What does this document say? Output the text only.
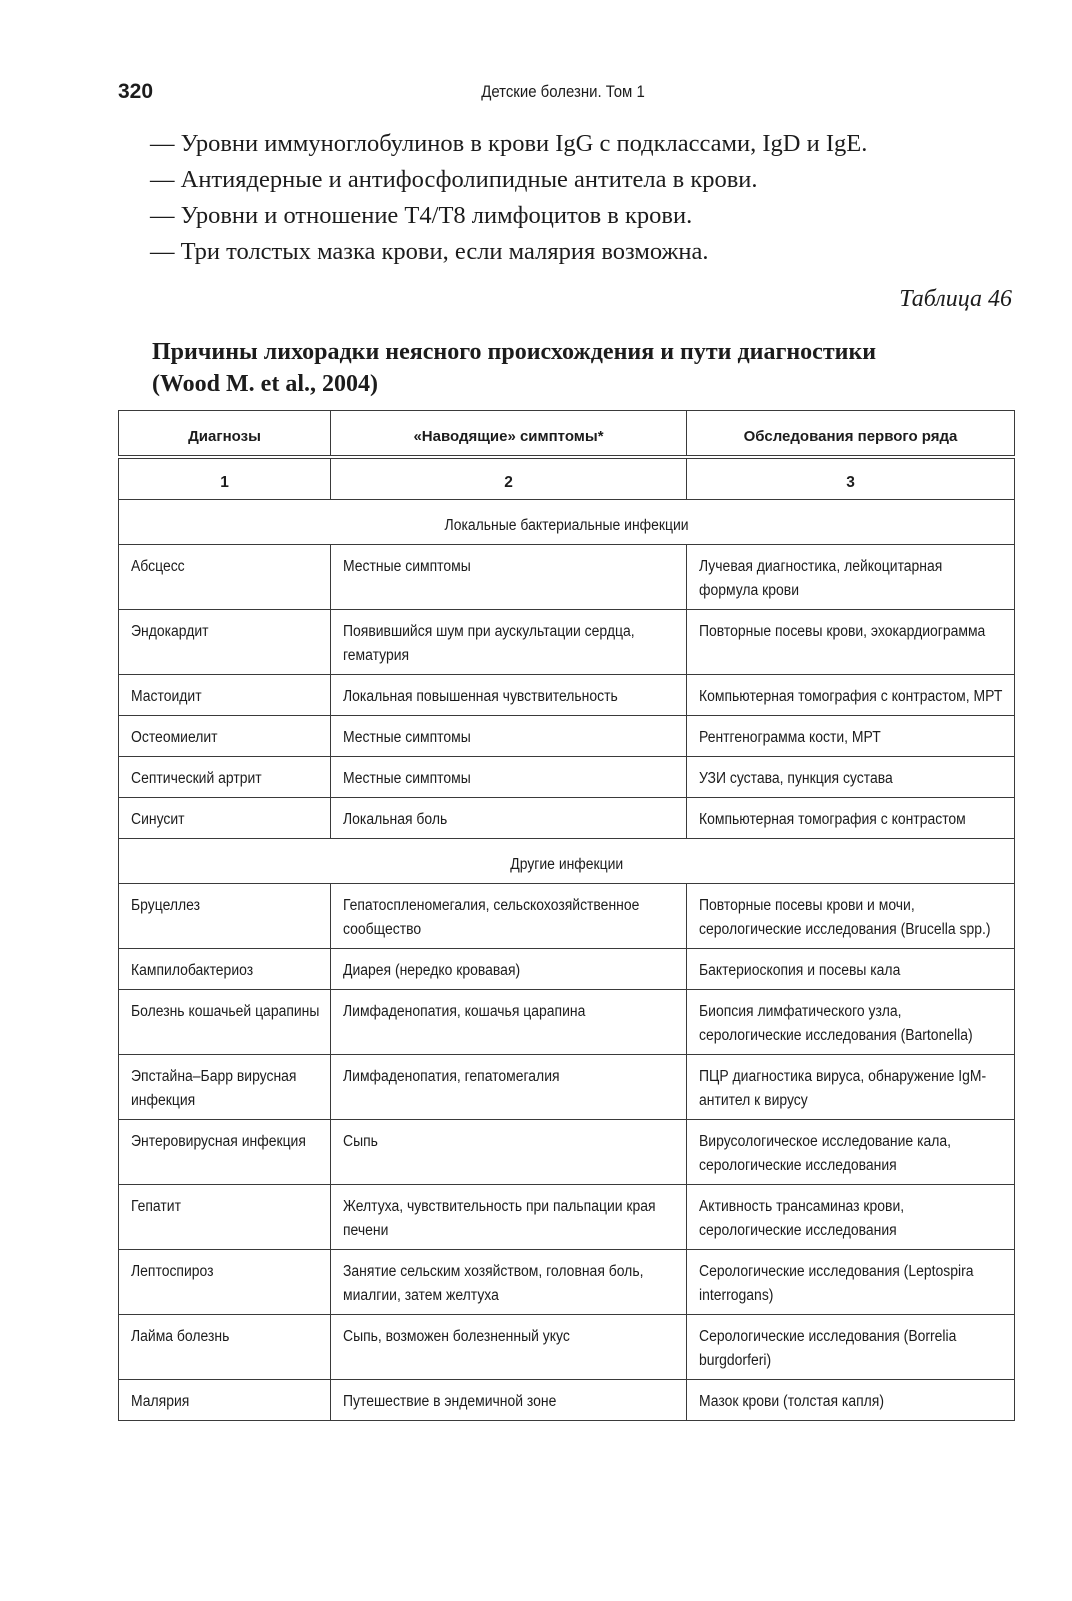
320	Детские болезни. Том 1
— Уровни иммуноглобулинов в крови IgG с подклассами, IgD и IgE.
— Антиядерные и антифосфолипидные антитела в крови.
— Уровни и отношение Т4/Т8 лимфоцитов в крови.
— Три толстых мазка крови, если малярия возможна.
Таблица 46
Причины лихорадки неясного происхождения и пути диагностики
(Wood M. et al., 2004)
Диагнозы	«Наводящие» симптомы*	Обследования первого ряда
1	2	3
Локальные бактериальные инфекции		
Абсцесс	Местные симптомы	Лучевая диагностика, лейкоцитарная формула крови
Эндокардит	Появившийся шум при аускультации сердца, гематурия	Повторные посевы крови, эхокардиограмма
Мастоидит	Локальная повышенная чувствительность	Компьютерная томография с контрастом, МРТ
Остеомиелит	Местные симптомы	Рентгенограмма кости, МРТ
Септический артрит	Местные симптомы	УЗИ сустава, пункция сустава
Синусит	Локальная боль	Компьютерная томография с контрастом
Другие инфекции		
Бруцеллез	Гепатоспленомегалия, сельскохозяйственное сообщество	Повторные посевы крови и мочи, серологические исследования (Brucella spp.)
Кампилобактериоз	Диарея (нередко кровавая)	Бактериоскопия и посевы кала
Болезнь кошачьей царапины	Лимфаденопатия, кошачья царапина	Биопсия лимфатического узла, серологические исследования (Bartonella)
Эпстайна–Барр вирусная инфекция	Лимфаденопатия, гепатомегалия	ПЦР диагностика вируса, обнаружение IgM-антител к вирусу
Энтеровирусная инфекция	Сыпь	Вирусологическое исследование кала, серологические исследования
Гепатит	Желтуха, чувствительность при пальпации края печени	Активность трансаминаз крови, серологические исследования
Лептоспироз	Занятие сельским хозяйством, головная боль, миалгии, затем желтуха	Серологические исследования (Leptospira interrogans)
Лайма болезнь	Сыпь, возможен болезненный укус	Серологические исследования (Borrelia burgdorferi)
Малярия	Путешествие в эндемичной зоне	Мазок крови (толстая капля)
